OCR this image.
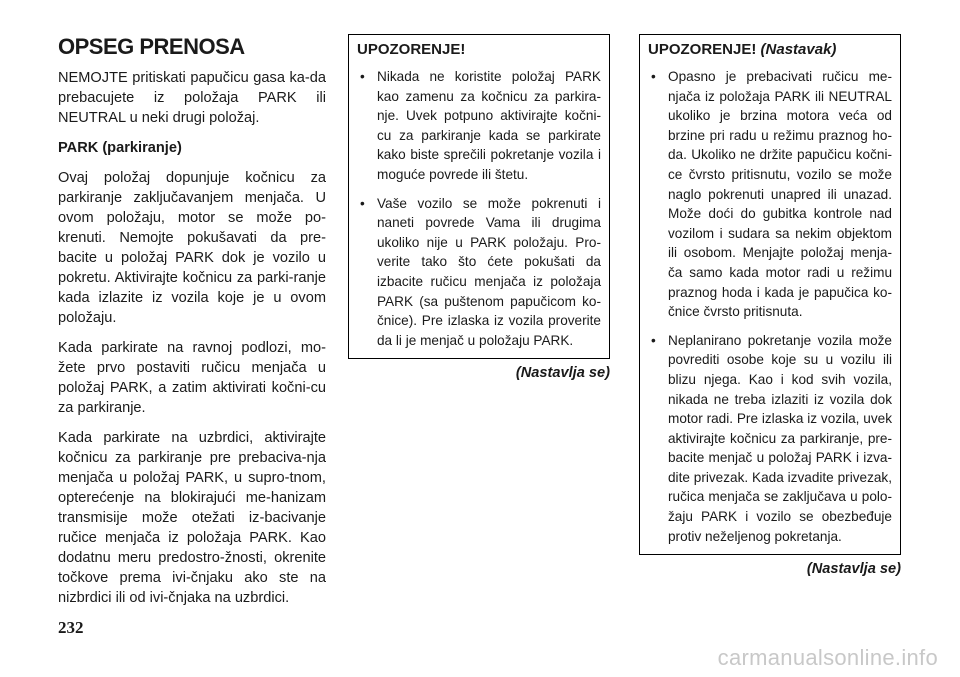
OPSEG PRENOSA

NEMOJTE pritiskati papučicu gasa ka-da prebacujete iz položaja PARK ili NEUTRAL u neki drugi položaj.

PARK (parkiranje)

Ovaj položaj dopunjuje kočnicu za parkiranje zaključavanjem menjača. U ovom položaju, motor se može po-krenuti. Nemojte pokušavati da pre-bacite u položaj PARK dok je vozilo u pokretu. Aktivirajte kočnicu za parki-ranje kada izlazite iz vozila koje je u ovom položaju.

Kada parkirate na ravnoj podlozi, mo-žete prvo postaviti ručicu menjača u položaj PARK, a zatim aktivirati kočni-cu za parkiranje.

Kada parkirate na uzbrdici, aktivirajte kočnicu za parkiranje pre prebaciva-nja menjača u položaj PARK, u supro-tnom, opterećenje na blokirajući me-hanizam transmisije može otežati iz-bacivanje ručice menjača iz položaja PARK. Kao dodatnu meru predostro-žnosti, okrenite točkove prema ivi-čnjaku ako ste na nizbrdici ili od ivi-čnjaka na uzbrdici.

UPOZORENJE!
• Nikada ne koristite položaj PARK kao zamenu za kočnicu za parkira-nje. Uvek potpuno aktivirajte kočni-cu za parkiranje kada se parkirate kako biste sprečili pokretanje vozila i moguće povrede ili štetu.
• Vaše vozilo se može pokrenuti i naneti povrede Vama ili drugima ukoliko nije u PARK položaju. Pro-verite tako što ćete pokušati da izbacite ručicu menjača iz položaja PARK (sa puštenom papučicom ko-čnice). Pre izlaska iz vozila proverite da li je menjač u položaju PARK.
(Nastavlja se)
UPOZORENJE! (Nastavak)
• Opasno je prebacivati ručicu me-njača iz položaja PARK ili NEUTRAL ukoliko je brzina motora veća od brzine pri radu u režimu praznog ho-da. Ukoliko ne držite papučicu kočni-ce čvrsto pritisnutu, vozilo se može naglo pokrenuti unapred ili unazad. Može doći do gubitka kontrole nad vozilom i sudara sa nekim objektom ili osobom. Menjajte položaj menja-ča samo kada motor radi u režimu praznog hoda i kada je papučica ko-čnice čvrsto pritisnuta.
• Neplanirano pokretanje vozila može povrediti osobe koje su u vozilu ili blizu njega. Kao i kod svih vozila, nikada ne treba izlaziti iz vozila dok motor radi. Pre izlaska iz vozila, uvek aktivirajte kočnicu za parkiranje, pre-bacite menjač u položaj PARK i izva-dite privezak. Kada izvadite privezak, ručica menjača se zaključava u polo-žaju PARK i vozilo se obezbeđuje protiv neželjenog pokretanja.
(Nastavlja se)
232
carmanualsonline.info
